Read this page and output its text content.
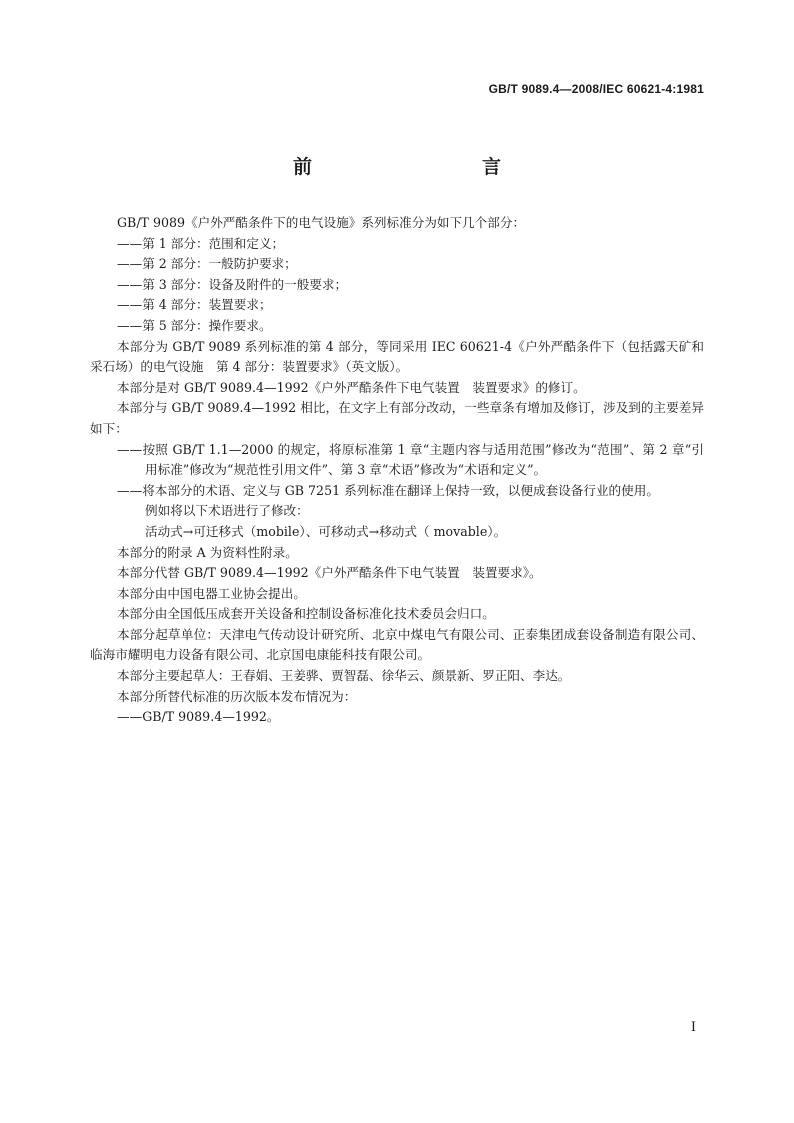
GB/T 9089.4—2008/IEC 60621-4:1981
前　　言

GB/T 9089《户外严酷条件下的电气设施》系列标准分为如下几个部分：

——第 1 部分：范围和定义；

——第 2 部分：一般防护要求；

——第 3 部分：设备及附件的一般要求；

——第 4 部分：装置要求；

——第 5 部分：操作要求。

本部分为 GB/T 9089 系列标准的第 4 部分，等同采用 IEC 60621-4《户外严酷条件下（包括露天矿和采石场）的电气设施　第 4 部分：装置要求》（英文版）。

本部分是对 GB/T 9089.4—1992《户外严酷条件下电气装置　装置要求》的修订。

本部分与 GB/T 9089.4—1992 相比，在文字上有部分改动，一些章条有增加及修订，涉及到的主要差异如下：

——按照 GB/T 1.1—2000 的规定，将原标准第 1 章“主题内容与适用范围”修改为“范围”、第 2 章“引用标准”修改为“规范性引用文件”、第 3 章“术语”修改为“术语和定义”。

——将本部分的术语、定义与 GB 7251 系列标准在翻译上保持一致，以便成套设备行业的使用。

例如将以下术语进行了修改：

活动式→可迁移式（mobile）、可移动式→移动式（ movable）。

本部分的附录 A 为资料性附录。

本部分代替 GB/T 9089.4—1992《户外严酷条件下电气装置　装置要求》。

本部分由中国电器工业协会提出。

本部分由全国低压成套开关设备和控制设备标准化技术委员会归口。

本部分起草单位：天津电气传动设计研究所、北京中煤电气有限公司、正泰集团成套设备制造有限公司、临海市耀明电力设备有限公司、北京国电康能科技有限公司。

本部分主要起草人：王春娟、王姜骅、贾智磊、徐华云、颜景新、罗正阳、李达。

本部分所替代标准的历次版本发布情况为：

——GB/T 9089.4—1992。

I
